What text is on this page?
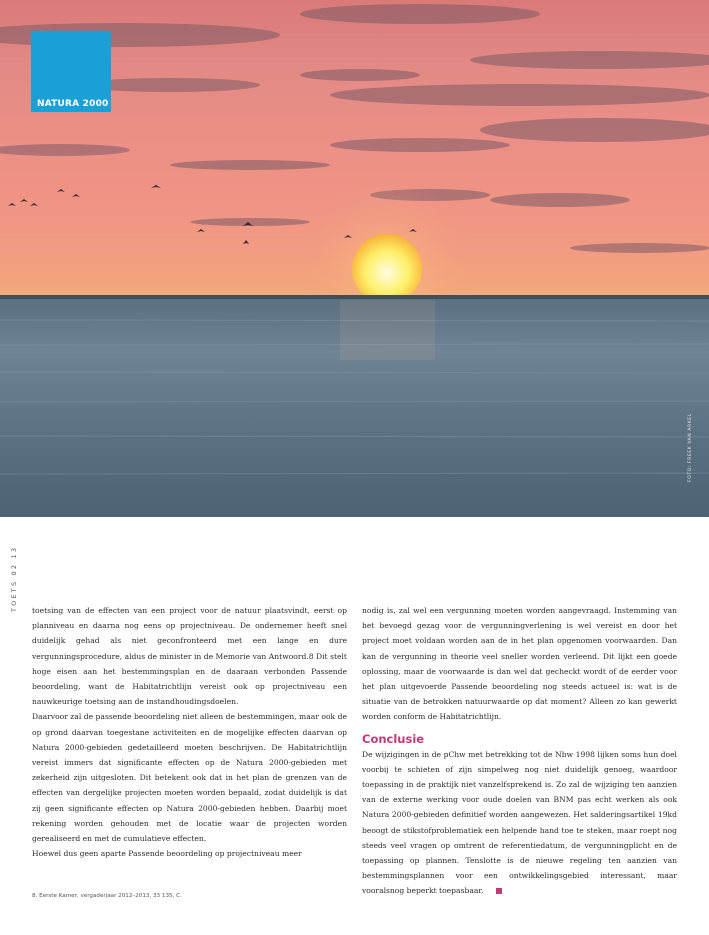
NATURA 2000
FOTO: FREEK VAN ARKEL
TOETS 02 13 toetsing van de effecten van een project voor de natuur plaatsvindt, eerst op planniveau en daarna nog eens op projectniveau. De ondernemer heeft snel duidelijk gehad als niet geconfronteerd met een lange en dure vergunningsprocedure, aldus de minister in de Memorie van Antwoord.8 Dit stelt hoge eisen aan het bestemmingsplan en de daaraan verbonden Passende beoordeling, want de Habitatrichtlijn vereist ook op projectniveau een nauwkeurige toetsing aan de instandhoudingsdoelen.

Daarvoor zal de passende beoordeling niet alleen de bestemmingen, maar ook de op grond daarvan toegestane activiteiten en de mogelijke effecten daarvan op Natura 2000-gebieden gedetailleerd moeten beschrijven. De Habitatrichtlijn vereist immers dat significante effecten op de Natura 2000-gebieden met zekerheid zijn uitgesloten. Dit betekent ook dat in het plan de grenzen van de effecten van dergelijke projecten moeten worden bepaald, zodat duidelijk is dat zij geen significante effecten op Natura 2000-gebieden hebben. Daarbij moet rekening worden gehouden met de locatie waar de projecten worden gerealiseerd en met de cumulatieve effecten.

Hoewel dus geen aparte Passende beoordeling op projectniveau meer

nodig is, zal wel een vergunning moeten worden aangevraagd. Instemming van het bevoegd gezag voor de vergunningverlening is wel vereist en door het project moet voldaan worden aan de in het plan opgenomen voorwaarden. Dan kan de vergunning in theorie veel sneller worden verleend. Dit lijkt een goede oplossing, maar de voorwaarde is dan wel dat gecheckt wordt of de eerder voor het plan uitgevoerde Passende beoordeling nog steeds actueel is: wat is de situatie van de betrokken natuurwaarde op dat moment? Alleen zo kan gewerkt worden conform de Habitatrichtlijn.

Conclusie

De wijzigingen in de pChw met betrekking tot de Nbw 1998 lijken soms hun doel voorbij te schieten of zijn simpelweg nog niet duidelijk genoeg, waardoor toepassing in de praktijk niet vanzelfsprekend is. Zo zal de wijziging ten aanzien van de externe werking voor oude doelen van BNM pas echt werken als ook Natura 2000-gebieden definitief worden aangewezen. Het salderingsartikel 19kd beoogt de stikstofproblematiek een helpende hand toe te steken, maar roept nog steeds veel vragen op omtrent de referentiedatum, de vergunningplicht en de toepassing op plannen. Tenslotte is de nieuwe regeling ten aanzien van bestemmingsplannen voor een ontwikkelingsgebied interessant, maar vooralsnog beperkt toepasbaar.

8. Eerste Kamer, vergaderjaar 2012–2013, 33 135, C.
